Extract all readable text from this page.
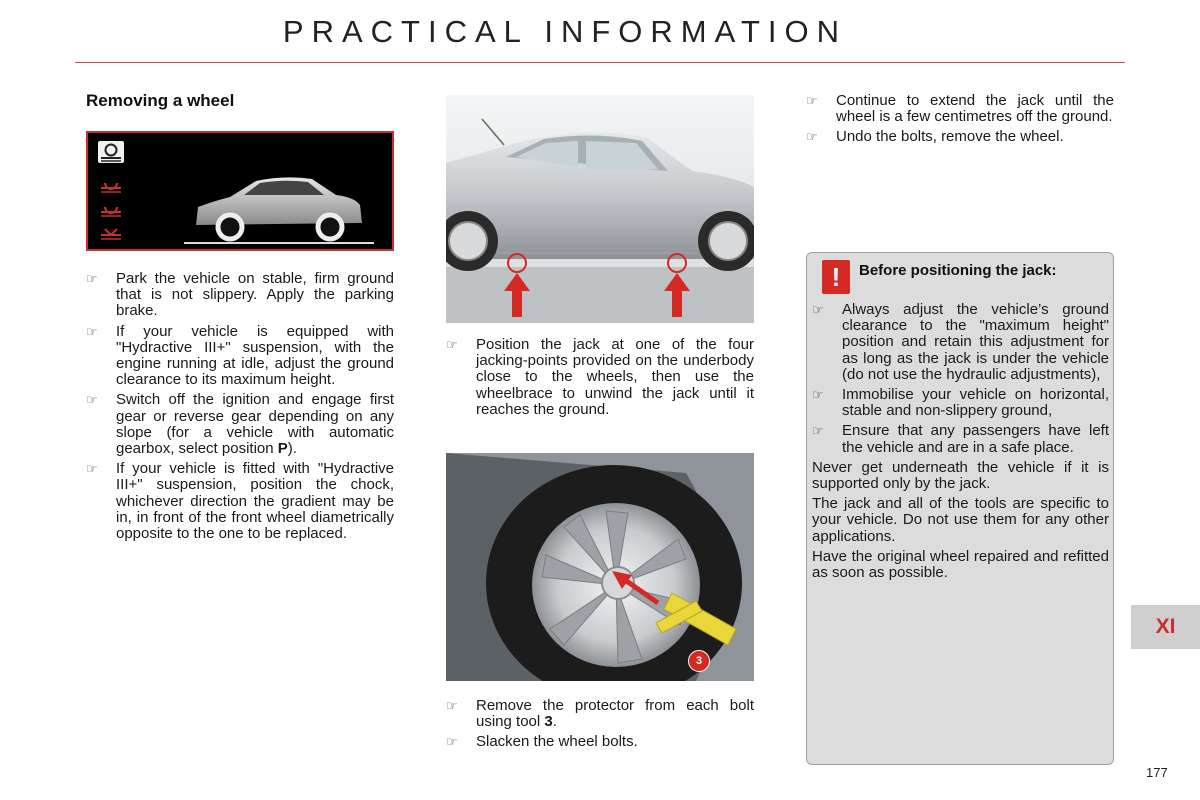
PRACTICAL INFORMATION
Removing a wheel
☞ Park the vehicle on stable, firm ground that is not slippery. Apply the parking brake.
☞ If your vehicle is equipped with "Hydractive III+" suspension, with the engine running at idle, adjust the ground clearance to its maximum height.
☞ Switch off the ignition and engage first gear or reverse gear depending on any slope (for a vehicle with automatic gearbox, select position P).
☞ If your vehicle is fitted with "Hydractive III+" suspension, position the chock, whichever direction the gradient may be in, in front of the front wheel diametrically opposite to the one to be replaced.
☞ Position the jack at one of the four jacking-points provided on the underbody close to the wheels, then use the wheelbrace to unwind the jack until it reaches the ground.
3
☞ Remove the protector from each bolt using tool 3.
☞ Slacken the wheel bolts.
☞ Continue to extend the jack until the wheel is a few centimetres off the ground.
☞ Undo the bolts, remove the wheel.
!	Before positioning the jack:
☞ Always adjust the vehicle’s ground clearance to the "maximum height" position and retain this adjustment for as long as the jack is under the vehicle (do not use the hydraulic adjustments),
☞ Immobilise your vehicle on horizontal, stable and non-slippery ground,
☞ Ensure that any passengers have left the vehicle and are in a safe place.
Never get underneath the vehicle if it is supported only by the jack.
The jack and all of the tools are specific to your vehicle. Do not use them for any other applications.
Have the original wheel repaired and refitted as soon as possible.
XI
177
